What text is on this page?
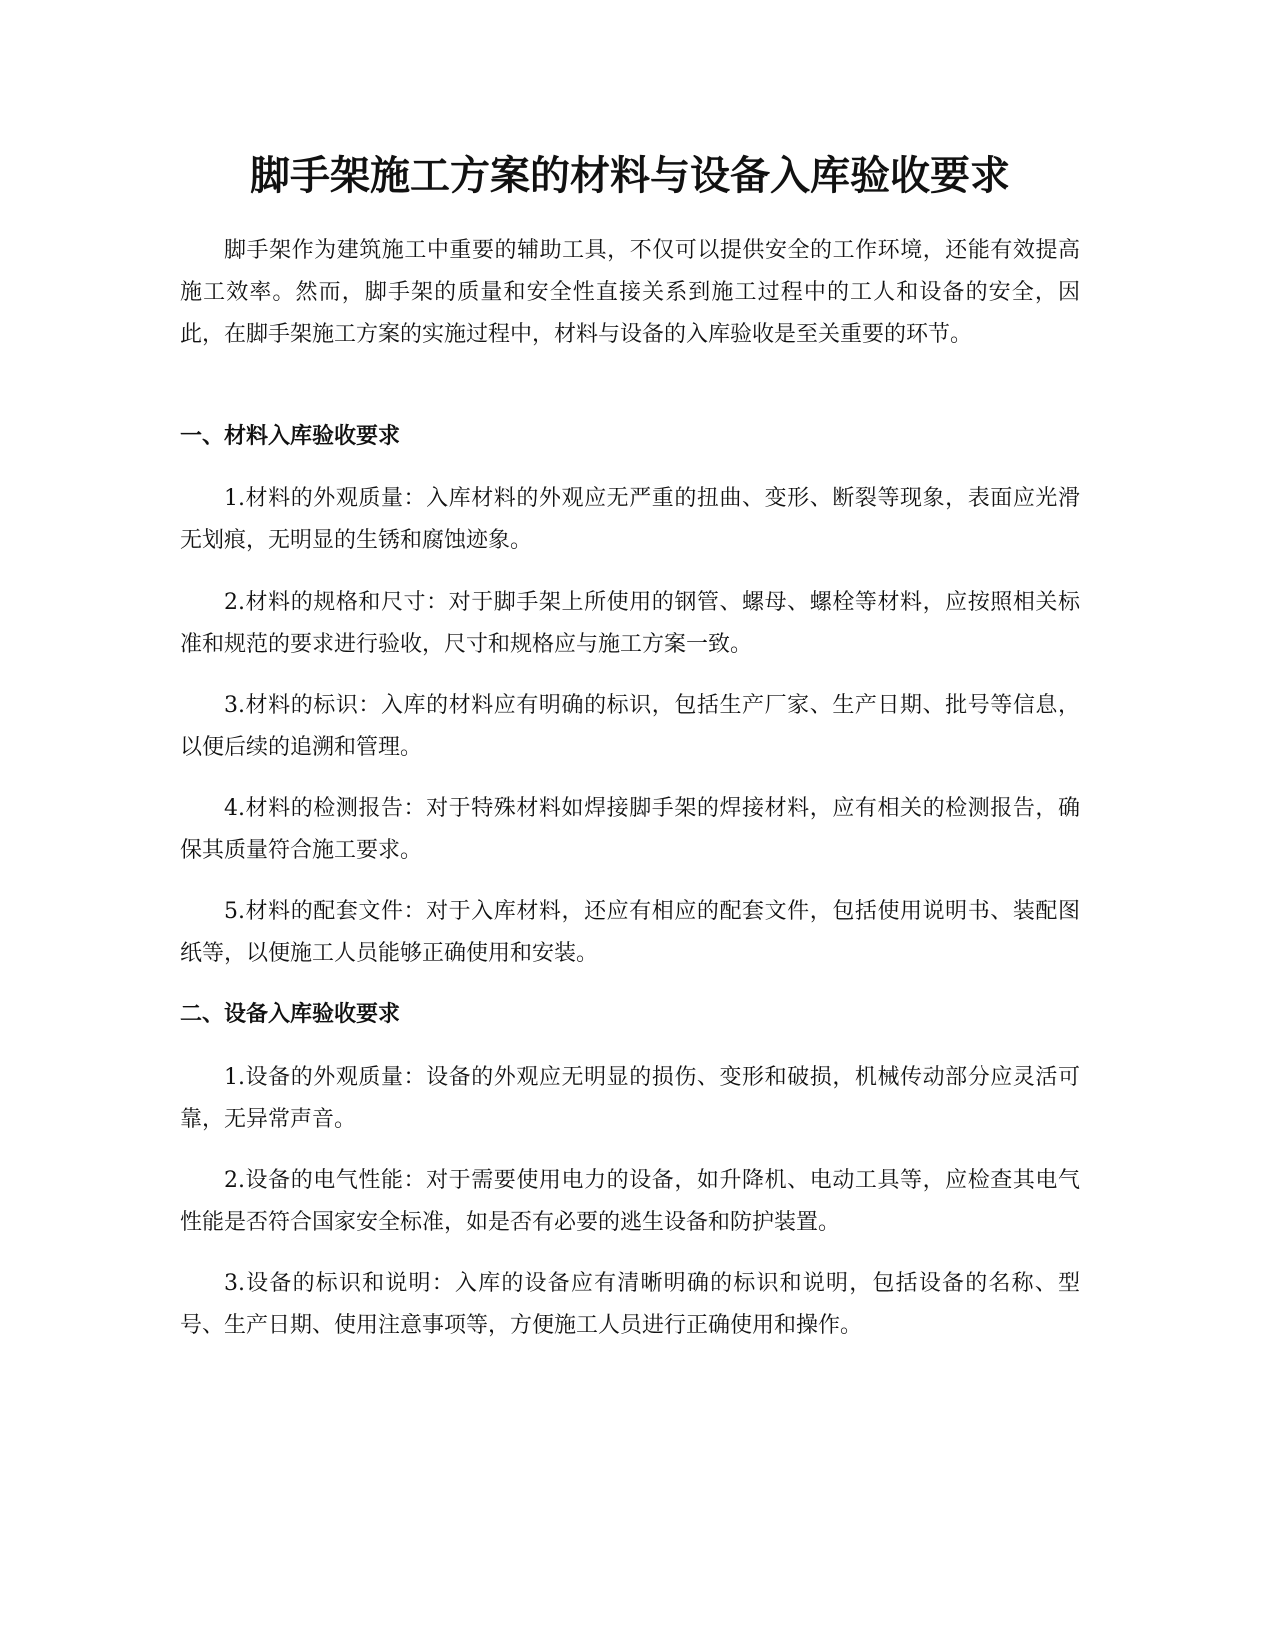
脚手架施工方案的材料与设备入库验收要求

脚手架作为建筑施工中重要的辅助工具，不仅可以提供安全的工作环境，还能有效提高施工效率。然而，脚手架的质量和安全性直接关系到施工过程中的工人和设备的安全，因此，在脚手架施工方案的实施过程中，材料与设备的入库验收是至关重要的环节。

一、材料入库验收要求

1.材料的外观质量：入库材料的外观应无严重的扭曲、变形、断裂等现象，表面应光滑无划痕，无明显的生锈和腐蚀迹象。

2.材料的规格和尺寸：对于脚手架上所使用的钢管、螺母、螺栓等材料，应按照相关标准和规范的要求进行验收，尺寸和规格应与施工方案一致。

3.材料的标识：入库的材料应有明确的标识，包括生产厂家、生产日期、批号等信息，以便后续的追溯和管理。

4.材料的检测报告：对于特殊材料如焊接脚手架的焊接材料，应有相关的检测报告，确保其质量符合施工要求。

5.材料的配套文件：对于入库材料，还应有相应的配套文件，包括使用说明书、装配图纸等，以便施工人员能够正确使用和安装。

二、设备入库验收要求

1.设备的外观质量：设备的外观应无明显的损伤、变形和破损，机械传动部分应灵活可靠，无异常声音。

2.设备的电气性能：对于需要使用电力的设备，如升降机、电动工具等，应检查其电气性能是否符合国家安全标准，如是否有必要的逃生设备和防护装置。

3.设备的标识和说明：入库的设备应有清晰明确的标识和说明，包括设备的名称、型号、生产日期、使用注意事项等，方便施工人员进行正确使用和操作。
